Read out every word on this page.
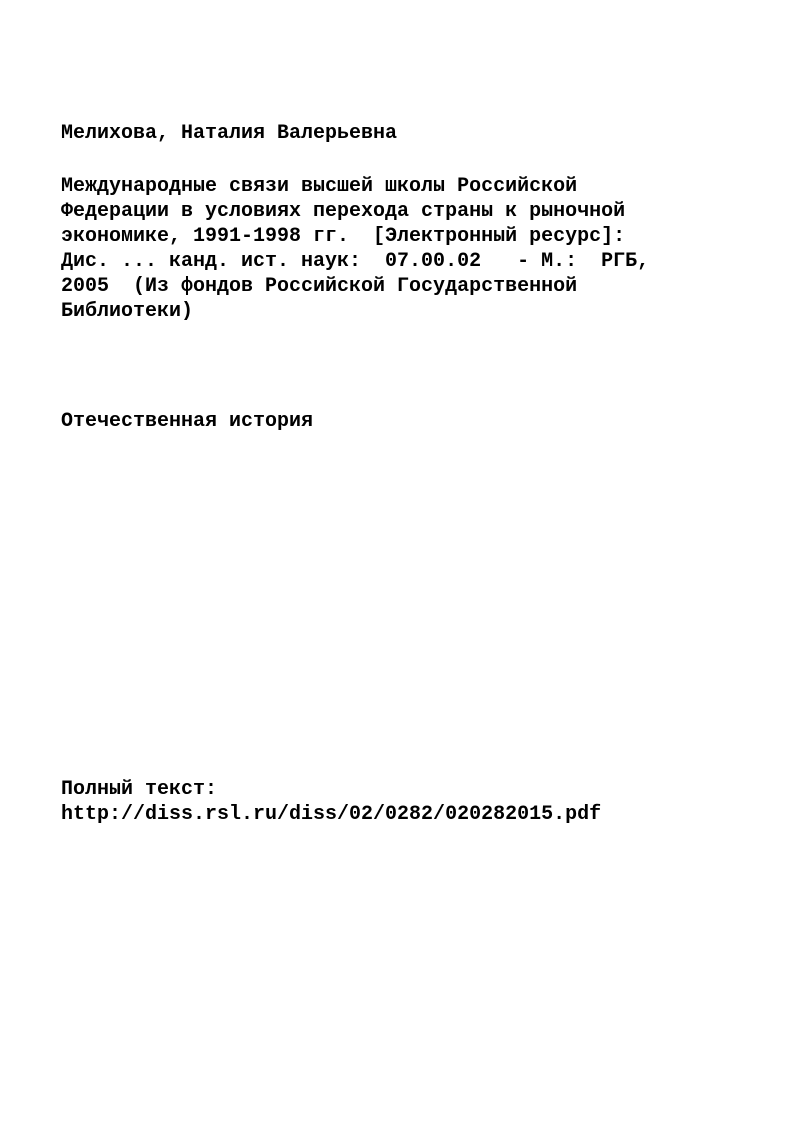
Мелихова, Наталия Валерьевна

Международные связи высшей школы Российской

Федерации в условиях перехода страны к рыночной

экономике, 1991-1998 гг.  [Электронный ресурс]:

Дис. ... канд. ист. наук:  07.00.02   - М.:  РГБ,

2005  (Из фондов Российской Государственной

Библиотеки)

Отечественная история

Полный текст:

http://diss.rsl.ru/diss/02/0282/020282015.pdf
